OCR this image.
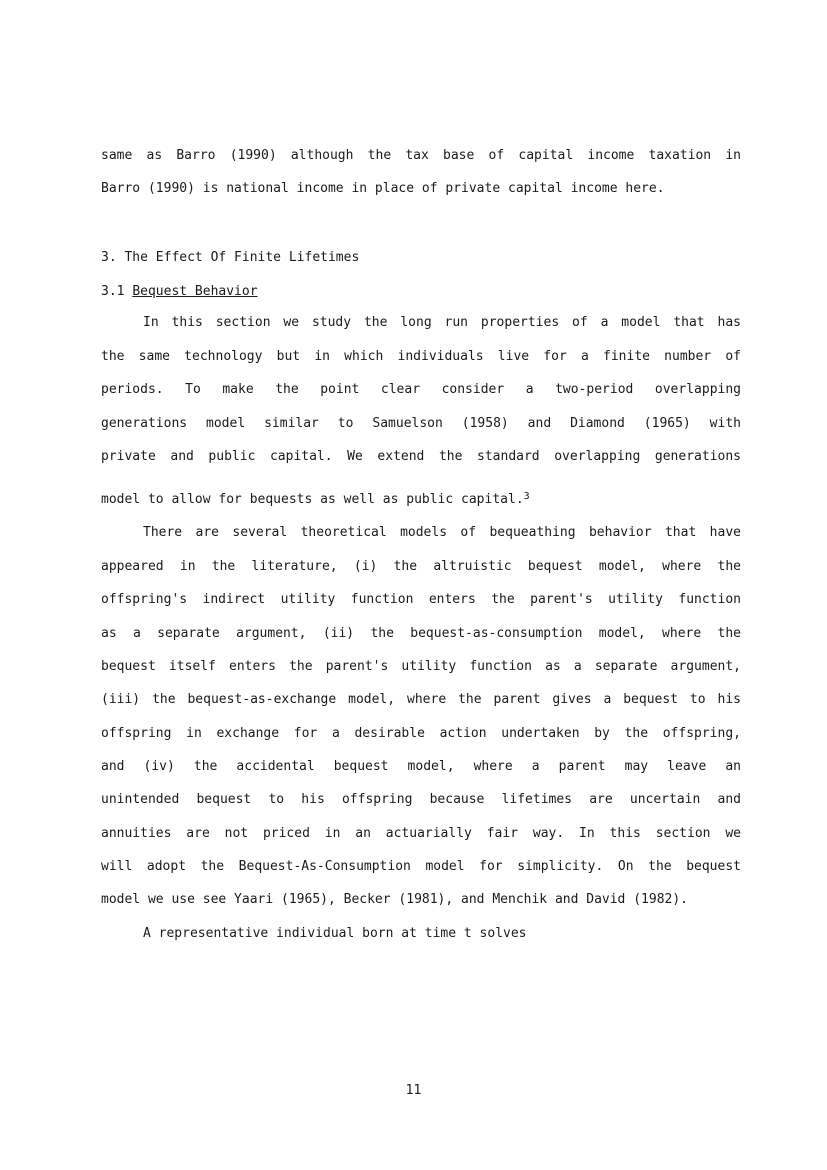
same as Barro (1990) although the tax base of capital income taxation in
Barro (1990) is national income in place of private capital income here.
3. The Effect Of Finite Lifetimes
3.1 Bequest Behavior
In this section we study the long run properties of a model that has
the same technology but in which individuals live for a finite number of
periods. To make the point clear consider a two-period overlapping
generations model similar to Samuelson (1958) and Diamond (1965) with
private and public capital. We extend the standard overlapping generations
model to allow for bequests as well as public capital.$^3$
There are several theoretical models of bequeathing behavior that have
appeared in the literature, (i) the altruistic bequest model, where the
offspring's indirect utility function enters the parent's utility function
as a separate argument, (ii) the bequest-as-consumption model, where the
bequest itself enters the parent's utility function as a separate argument,
(iii) the bequest-as-exchange model, where the parent gives a bequest to his
offspring in exchange for a desirable action undertaken by the offspring,
and (iv) the accidental bequest model, where a parent may leave an
unintended bequest to his offspring because lifetimes are uncertain and
annuities are not priced in an actuarially fair way. In this section we
will adopt the Bequest-As-Consumption model for simplicity. On the bequest
model we use see Yaari (1965), Becker (1981), and Menchik and David (1982).
A representative individual born at time t solves
11
